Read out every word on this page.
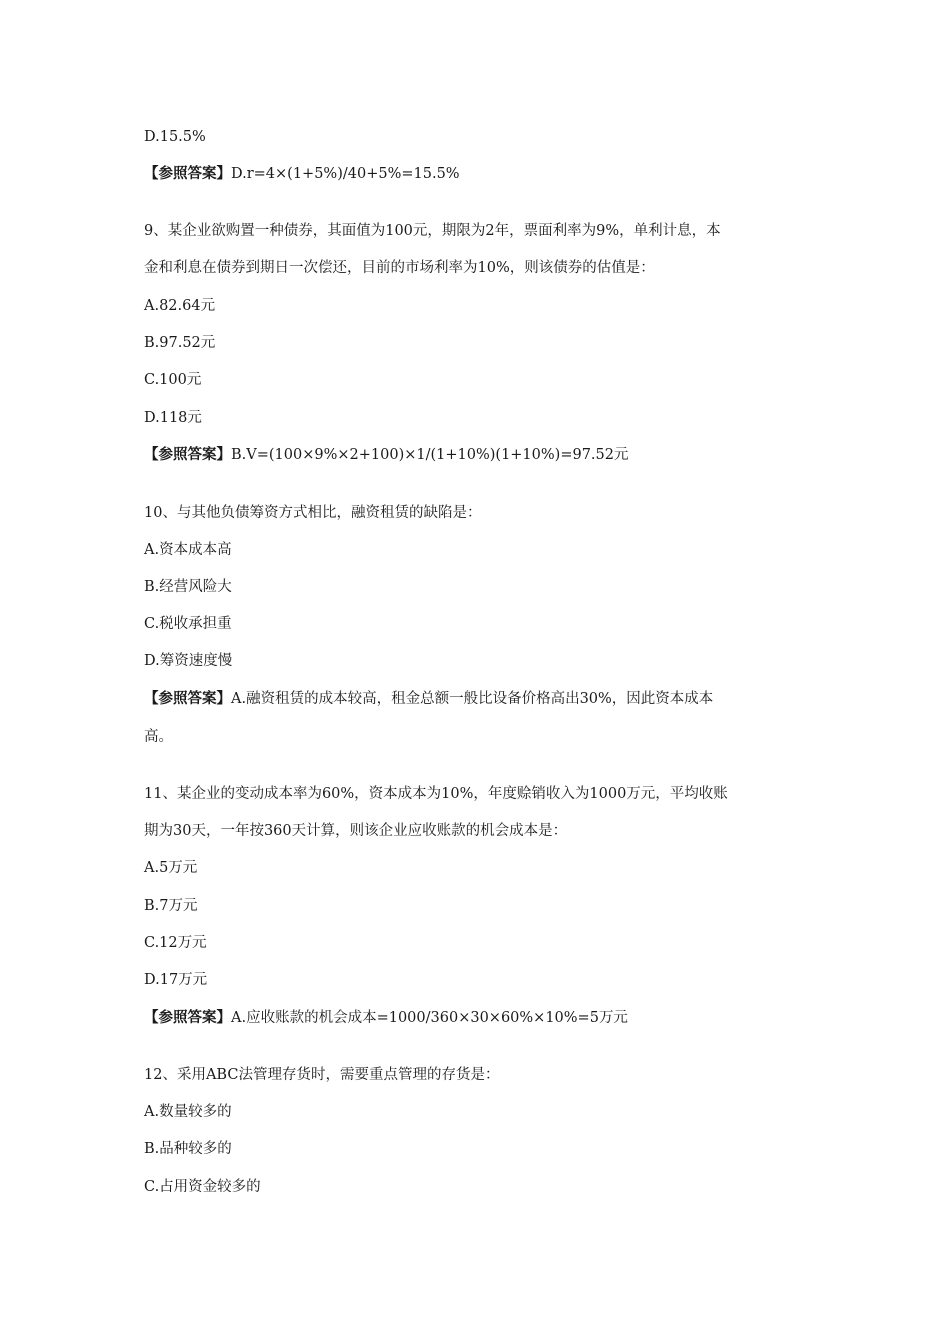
D.15.5%
【参照答案】D.r=4×(1+5%)/40+5%=15.5%
9、某企业欲购置一种债券，其面值为100元，期限为2年，票面利率为9%，单利计息，本
金和利息在债券到期日一次偿还，目前的市场利率为10%，则该债券的估值是：
A.82.64元
B.97.52元
C.100元
D.118元
【参照答案】B.V=(100×9%×2+100)×1/(1+10%)(1+10%)=97.52元
10、与其他负债筹资方式相比，融资租赁的缺陷是：
A.资本成本高
B.经营风险大
C.税收承担重
D.筹资速度慢
【参照答案】A.融资租赁的成本较高，租金总额一般比设备价格高出30%，因此资本成本
高。
11、某企业的变动成本率为60%，资本成本为10%，年度赊销收入为1000万元，平均收账
期为30天，一年按360天计算，则该企业应收账款的机会成本是：
A.5万元
B.7万元
C.12万元
D.17万元
【参照答案】A.应收账款的机会成本=1000/360×30×60%×10%=5万元
12、采用ABC法管理存货时，需要重点管理的存货是：
A.数量较多的
B.品种较多的
C.占用资金较多的
